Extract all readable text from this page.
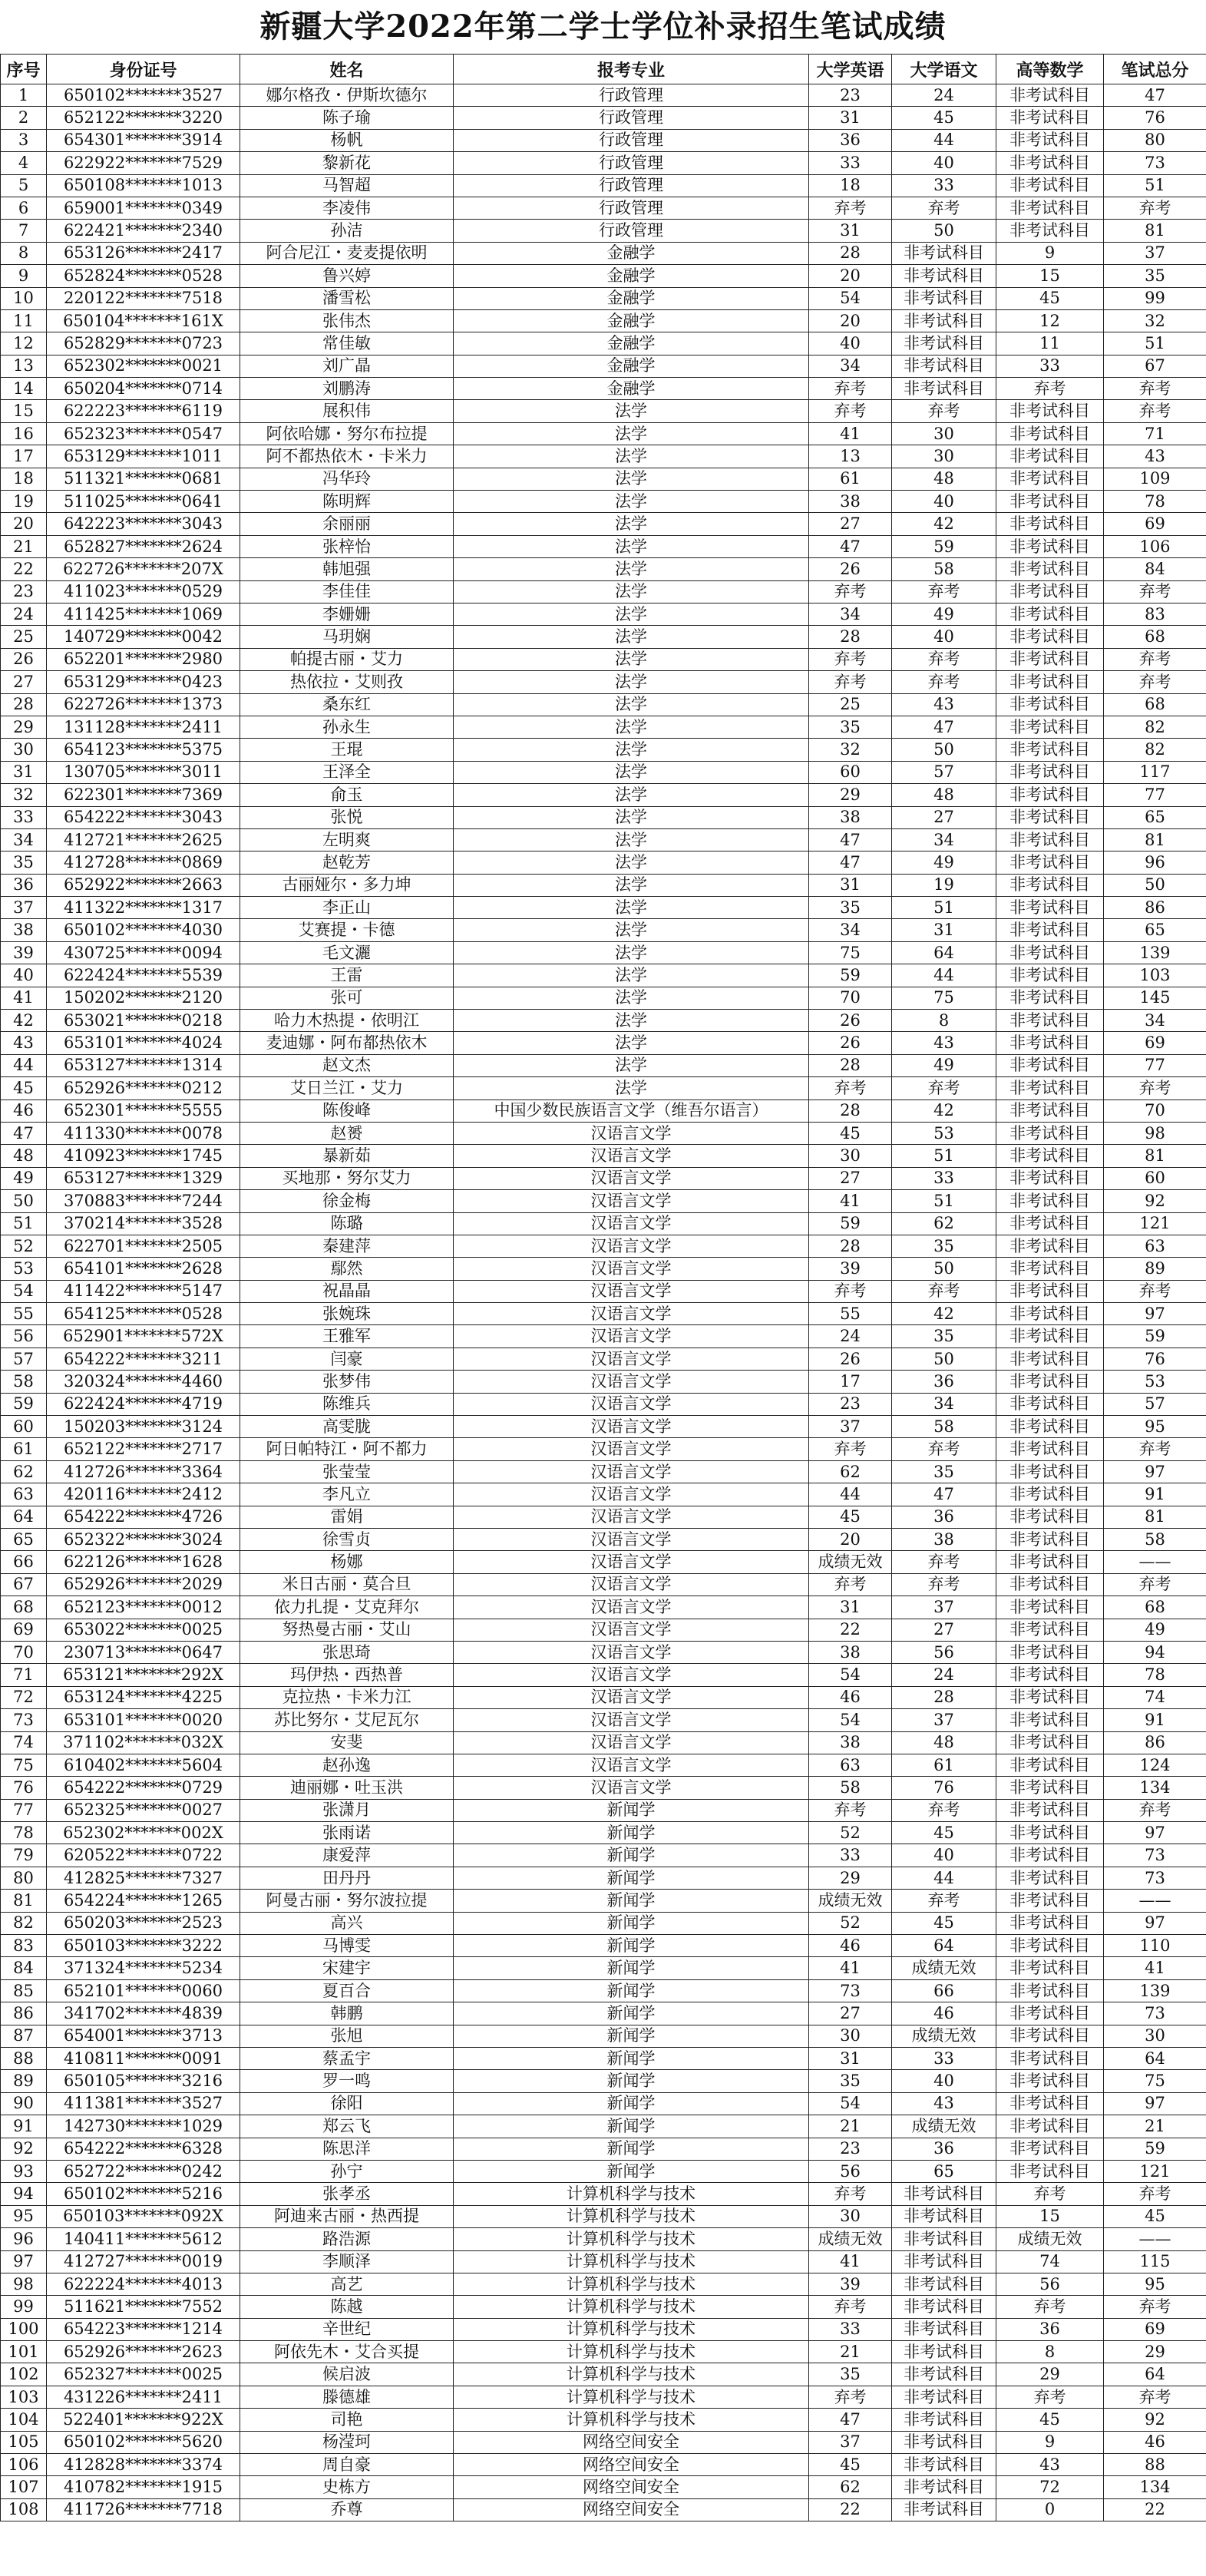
新疆大学2022年第二学士学位补录招生笔试成绩
序号	身份证号	姓名	报考专业	大学英语	大学语文	高等数学	笔试总分
1	650102*******3527	娜尔格孜・伊斯坎德尔	行政管理	23	24	非考试科目	47
2	652122*******3220	陈子瑜	行政管理	31	45	非考试科目	76
3	654301*******3914	杨帆	行政管理	36	44	非考试科目	80
4	622922*******7529	黎新花	行政管理	33	40	非考试科目	73
5	650108*******1013	马智超	行政管理	18	33	非考试科目	51
6	659001*******0349	李凌伟	行政管理	弃考	弃考	非考试科目	弃考
7	622421*******2340	孙洁	行政管理	31	50	非考试科目	81
8	653126*******2417	阿合尼江・麦麦提依明	金融学	28	非考试科目	9	37
9	652824*******0528	鲁兴婷	金融学	20	非考试科目	15	35
10	220122*******7518	潘雪松	金融学	54	非考试科目	45	99
11	650104*******161X	张伟杰	金融学	20	非考试科目	12	32
12	652829*******0723	常佳敏	金融学	40	非考试科目	11	51
13	652302*******0021	刘广晶	金融学	34	非考试科目	33	67
14	650204*******0714	刘鹏涛	金融学	弃考	非考试科目	弃考	弃考
15	622223*******6119	展积伟	法学	弃考	弃考	非考试科目	弃考
16	652323*******0547	阿依哈娜・努尔布拉提	法学	41	30	非考试科目	71
17	653129*******1011	阿不都热依木・卡米力	法学	13	30	非考试科目	43
18	511321*******0681	冯华玲	法学	61	48	非考试科目	109
19	511025*******0641	陈明辉	法学	38	40	非考试科目	78
20	642223*******3043	余丽丽	法学	27	42	非考试科目	69
21	652827*******2624	张梓怡	法学	47	59	非考试科目	106
22	622726*******207X	韩旭强	法学	26	58	非考试科目	84
23	411023*******0529	李佳佳	法学	弃考	弃考	非考试科目	弃考
24	411425*******1069	李姗姗	法学	34	49	非考试科目	83
25	140729*******0042	马玥娴	法学	28	40	非考试科目	68
26	652201*******2980	帕提古丽・艾力	法学	弃考	弃考	非考试科目	弃考
27	653129*******0423	热依拉・艾则孜	法学	弃考	弃考	非考试科目	弃考
28	622726*******1373	桑东红	法学	25	43	非考试科目	68
29	131128*******2411	孙永生	法学	35	47	非考试科目	82
30	654123*******5375	王琨	法学	32	50	非考试科目	82
31	130705*******3011	王泽全	法学	60	57	非考试科目	117
32	622301*******7369	俞玉	法学	29	48	非考试科目	77
33	654222*******3043	张悦	法学	38	27	非考试科目	65
34	412721*******2625	左明爽	法学	47	34	非考试科目	81
35	412728*******0869	赵乾芳	法学	47	49	非考试科目	96
36	652922*******2663	古丽娅尔・多力坤	法学	31	19	非考试科目	50
37	411322*******1317	李正山	法学	35	51	非考试科目	86
38	650102*******4030	艾赛提・卡德	法学	34	31	非考试科目	65
39	430725*******0094	毛文灑	法学	75	64	非考试科目	139
40	622424*******5539	王雷	法学	59	44	非考试科目	103
41	150202*******2120	张可	法学	70	75	非考试科目	145
42	653021*******0218	哈力木热提・依明江	法学	26	8	非考试科目	34
43	653101*******4024	麦迪娜・阿布都热依木	法学	26	43	非考试科目	69
44	653127*******1314	赵文杰	法学	28	49	非考试科目	77
45	652926*******0212	艾日兰江・艾力	法学	弃考	弃考	非考试科目	弃考
46	652301*******5555	陈俊峰	中国少数民族语言文学（维吾尔语言）	28	42	非考试科目	70
47	411330*******0078	赵赟	汉语言文学	45	53	非考试科目	98
48	410923*******1745	暴新茹	汉语言文学	30	51	非考试科目	81
49	653127*******1329	买地那・努尔艾力	汉语言文学	27	33	非考试科目	60
50	370883*******7244	徐金梅	汉语言文学	41	51	非考试科目	92
51	370214*******3528	陈璐	汉语言文学	59	62	非考试科目	121
52	622701*******2505	秦建萍	汉语言文学	28	35	非考试科目	63
53	654101*******2628	鄢然	汉语言文学	39	50	非考试科目	89
54	411422*******5147	祝晶晶	汉语言文学	弃考	弃考	非考试科目	弃考
55	654125*******0528	张婉珠	汉语言文学	55	42	非考试科目	97
56	652901*******572X	王雅军	汉语言文学	24	35	非考试科目	59
57	654222*******3211	闫豪	汉语言文学	26	50	非考试科目	76
58	320324*******4460	张梦伟	汉语言文学	17	36	非考试科目	53
59	622424*******4719	陈维兵	汉语言文学	23	34	非考试科目	57
60	150203*******3124	高雯胧	汉语言文学	37	58	非考试科目	95
61	652122*******2717	阿日帕特江・阿不都力	汉语言文学	弃考	弃考	非考试科目	弃考
62	412726*******3364	张莹莹	汉语言文学	62	35	非考试科目	97
63	420116*******2412	李凡立	汉语言文学	44	47	非考试科目	91
64	654222*******4726	雷娟	汉语言文学	45	36	非考试科目	81
65	652322*******3024	徐雪贞	汉语言文学	20	38	非考试科目	58
66	622126*******1628	杨娜	汉语言文学	成绩无效	弃考	非考试科目	——
67	652926*******2029	米日古丽・莫合旦	汉语言文学	弃考	弃考	非考试科目	弃考
68	652123*******0012	依力扎提・艾克拜尔	汉语言文学	31	37	非考试科目	68
69	653022*******0025	努热曼古丽・艾山	汉语言文学	22	27	非考试科目	49
70	230713*******0647	张思琦	汉语言文学	38	56	非考试科目	94
71	653121*******292X	玛伊热・西热普	汉语言文学	54	24	非考试科目	78
72	653124*******4225	克拉热・卡米力江	汉语言文学	46	28	非考试科目	74
73	653101*******0020	苏比努尔・艾尼瓦尔	汉语言文学	54	37	非考试科目	91
74	371102*******032X	安斐	汉语言文学	38	48	非考试科目	86
75	610402*******5604	赵孙逸	汉语言文学	63	61	非考试科目	124
76	654222*******0729	迪丽娜・吐玉洪	汉语言文学	58	76	非考试科目	134
77	652325*******0027	张潇月	新闻学	弃考	弃考	非考试科目	弃考
78	652302*******002X	张雨诺	新闻学	52	45	非考试科目	97
79	620522*******0722	康爱萍	新闻学	33	40	非考试科目	73
80	412825*******7327	田丹丹	新闻学	29	44	非考试科目	73
81	654224*******1265	阿曼古丽・努尔波拉提	新闻学	成绩无效	弃考	非考试科目	——
82	650203*******2523	高兴	新闻学	52	45	非考试科目	97
83	650103*******3222	马博雯	新闻学	46	64	非考试科目	110
84	371324*******5234	宋建宇	新闻学	41	成绩无效	非考试科目	41
85	652101*******0060	夏百合	新闻学	73	66	非考试科目	139
86	341702*******4839	韩鹏	新闻学	27	46	非考试科目	73
87	654001*******3713	张旭	新闻学	30	成绩无效	非考试科目	30
88	410811*******0091	蔡孟宇	新闻学	31	33	非考试科目	64
89	650105*******3216	罗一鸣	新闻学	35	40	非考试科目	75
90	411381*******3527	徐阳	新闻学	54	43	非考试科目	97
91	142730*******1029	郑云飞	新闻学	21	成绩无效	非考试科目	21
92	654222*******6328	陈思洋	新闻学	23	36	非考试科目	59
93	652722*******0242	孙宁	新闻学	56	65	非考试科目	121
94	650102*******5216	张孝丞	计算机科学与技术	弃考	非考试科目	弃考	弃考
95	650103*******092X	阿迪来古丽・热西提	计算机科学与技术	30	非考试科目	15	45
96	140411*******5612	路浩源	计算机科学与技术	成绩无效	非考试科目	成绩无效	——
97	412727*******0019	李顺泽	计算机科学与技术	41	非考试科目	74	115
98	622224*******4013	高艺	计算机科学与技术	39	非考试科目	56	95
99	511621*******7552	陈越	计算机科学与技术	弃考	非考试科目	弃考	弃考
100	654223*******1214	辛世纪	计算机科学与技术	33	非考试科目	36	69
101	652926*******2623	阿依先木・艾合买提	计算机科学与技术	21	非考试科目	8	29
102	652327*******0025	候启波	计算机科学与技术	35	非考试科目	29	64
103	431226*******2411	滕德雄	计算机科学与技术	弃考	非考试科目	弃考	弃考
104	522401*******922X	司艳	计算机科学与技术	47	非考试科目	45	92
105	650102*******5620	杨滢珂	网络空间安全	37	非考试科目	9	46
106	412828*******3374	周自豪	网络空间安全	45	非考试科目	43	88
107	410782*******1915	史栋方	网络空间安全	62	非考试科目	72	134
108	411726*******7718	乔尊	网络空间安全	22	非考试科目	0	22
